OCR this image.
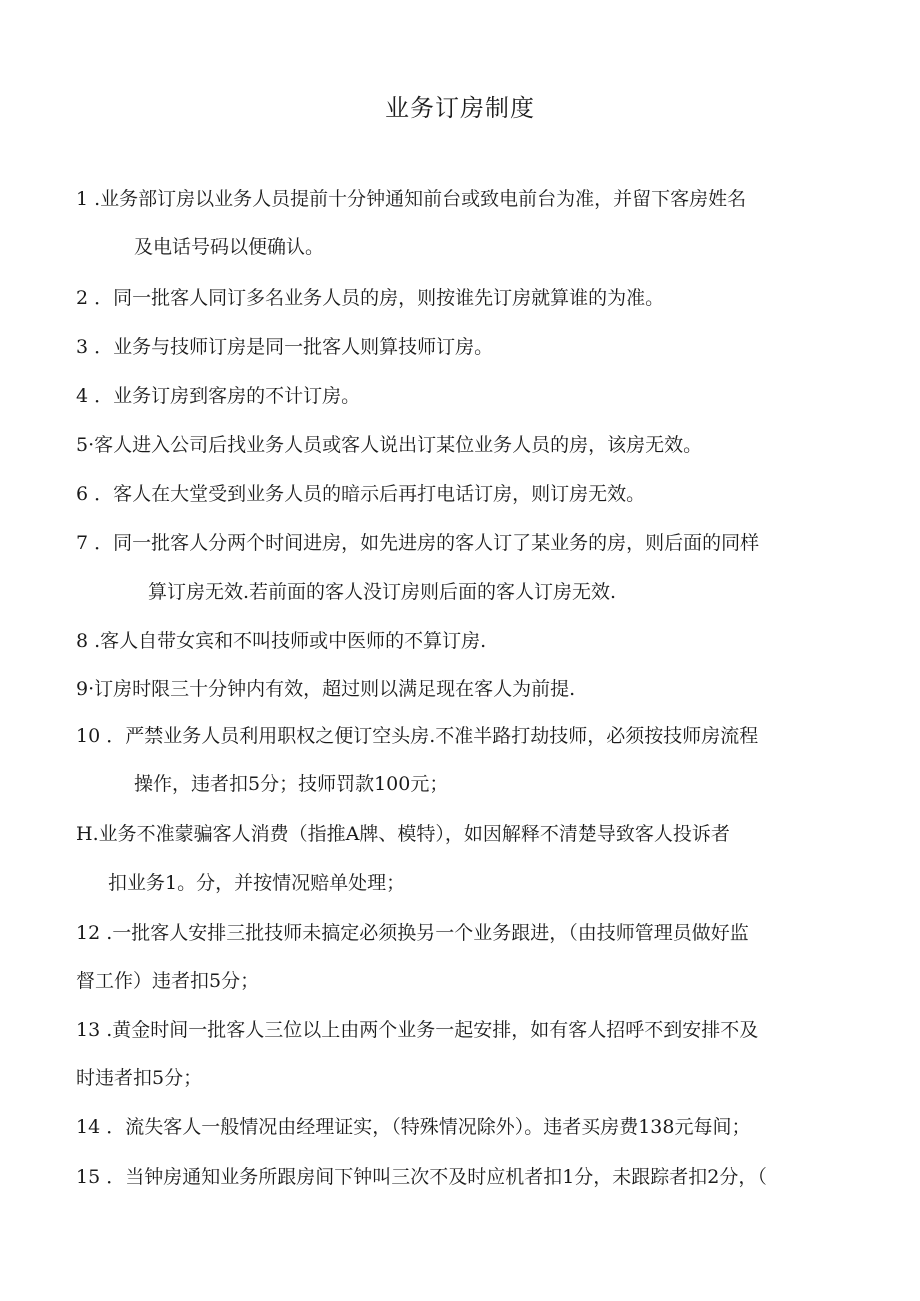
业务订房制度
1 .业务部订房以业务人员提前十分钟通知前台或致电前台为准，并留下客房姓名
及电话号码以便确认。
2 ．同一批客人同订多名业务人员的房，则按谁先订房就算谁的为准。
3 ．业务与技师订房是同一批客人则算技师订房。
4 ．业务订房到客房的不计订房。
5·客人进入公司后找业务人员或客人说出订某位业务人员的房，该房无效。
6 ．客人在大堂受到业务人员的暗示后再打电话订房，则订房无效。
7 ．同一批客人分两个时间进房，如先进房的客人订了某业务的房，则后面的同样
算订房无效.若前面的客人没订房则后面的客人订房无效.
8 .客人自带女宾和不叫技师或中医师的不算订房.
9·订房时限三十分钟内有效，超过则以满足现在客人为前提.
10 ．严禁业务人员利用职权之便订空头房.不准半路打劫技师，必须按技师房流程
操作，违者扣5分；技师罚款100元；
H.业务不准蒙骗客人消费（指推A牌、模特），如因解释不清楚导致客人投诉者
扣业务1。分，并按情况赔单处理；
12 .一批客人安排三批技师未搞定必须换另一个业务跟进，（由技师管理员做好监
督工作）违者扣5分；
13 .黄金时间一批客人三位以上由两个业务一起安排，如有客人招呼不到安排不及
时违者扣5分；
14 ．流失客人一般情况由经理证实，（特殊情况除外）。违者买房费138元每间；
15 ．当钟房通知业务所跟房间下钟叫三次不及时应机者扣1分，未跟踪者扣2分，（
